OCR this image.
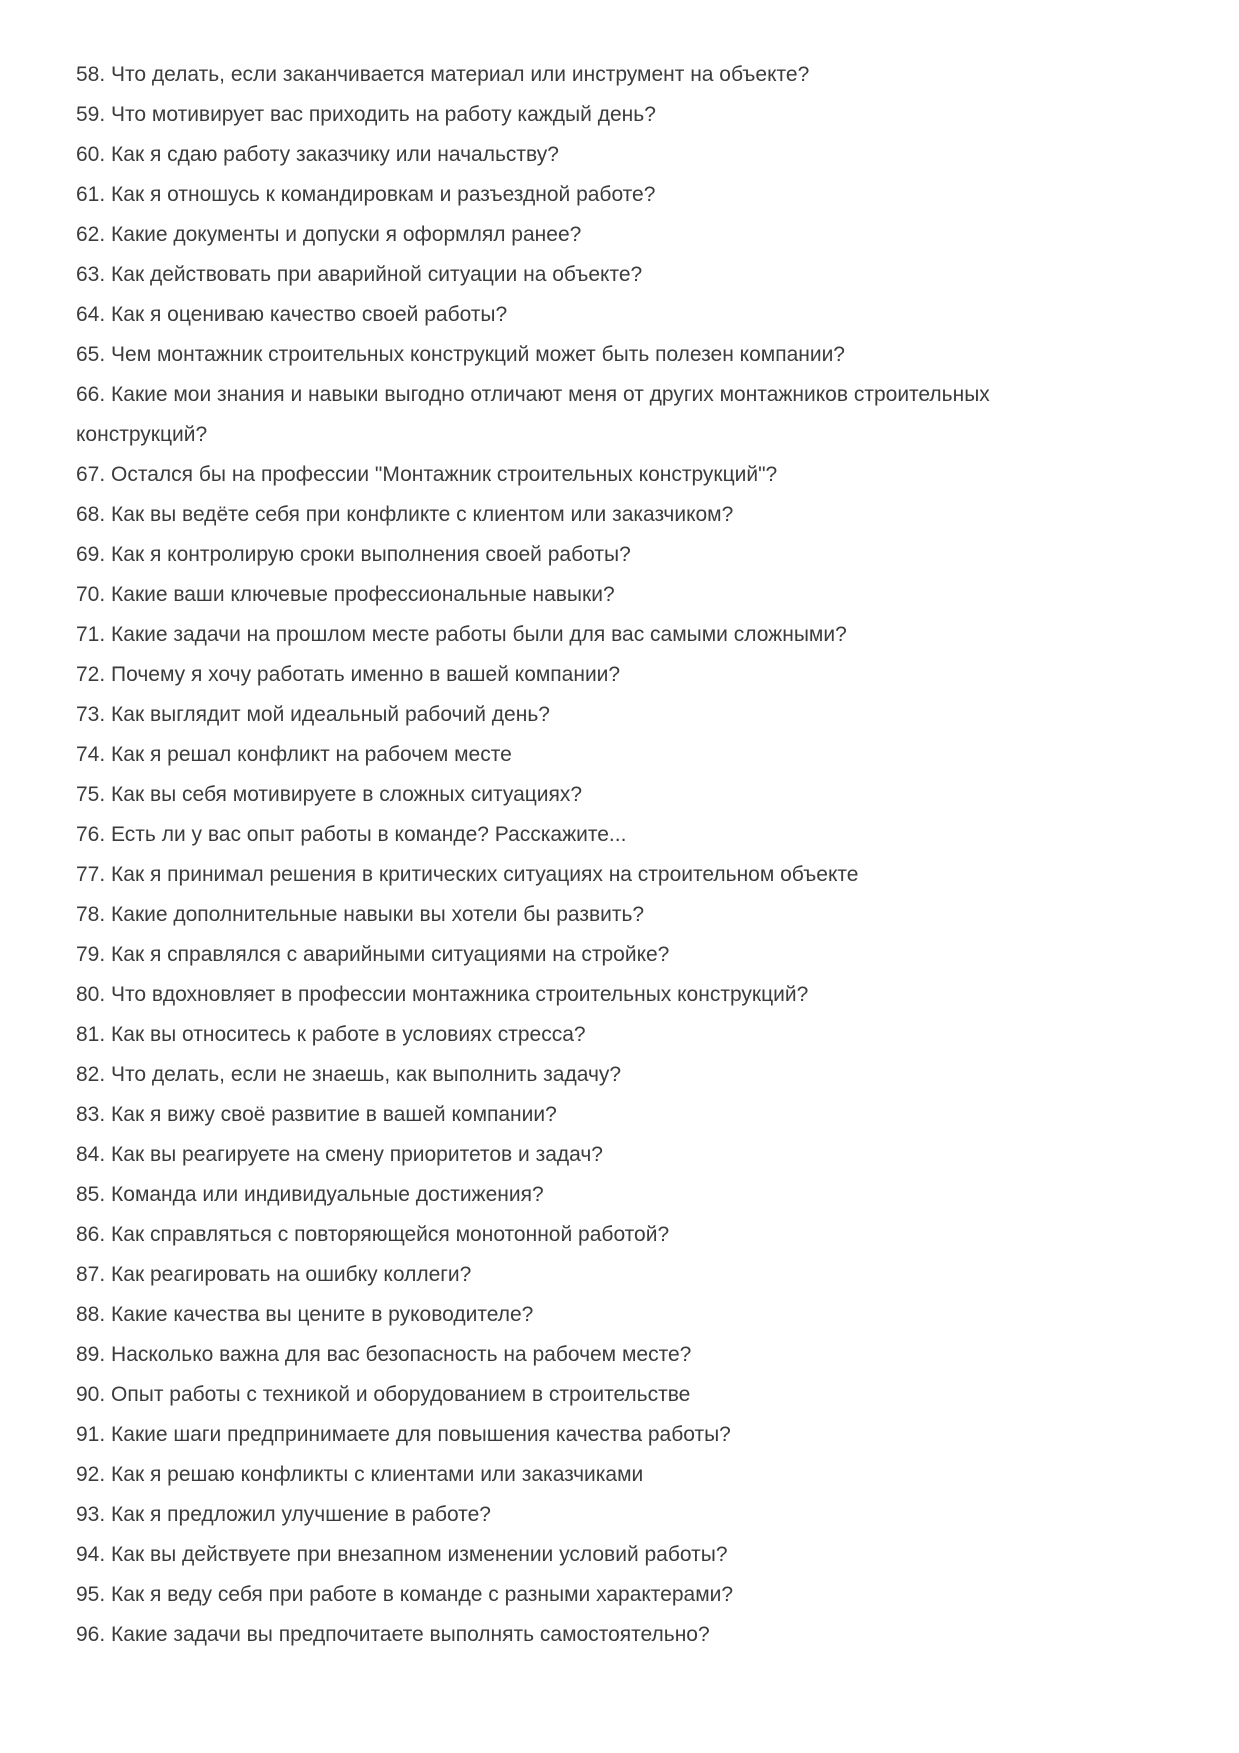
58. Что делать, если заканчивается материал или инструмент на объекте?

59. Что мотивирует вас приходить на работу каждый день?

60. Как я сдаю работу заказчику или начальству?

61. Как я отношусь к командировкам и разъездной работе?

62. Какие документы и допуски я оформлял ранее?

63. Как действовать при аварийной ситуации на объекте?

64. Как я оцениваю качество своей работы?

65. Чем монтажник строительных конструкций может быть полезен компании?

66. Какие мои знания и навыки выгодно отличают меня от других монтажников строительных конструкций?

67. Остался бы на профессии "Монтажник строительных конструкций"?

68. Как вы ведёте себя при конфликте с клиентом или заказчиком?

69. Как я контролирую сроки выполнения своей работы?

70. Какие ваши ключевые профессиональные навыки?

71. Какие задачи на прошлом месте работы были для вас самыми сложными?

72. Почему я хочу работать именно в вашей компании?

73. Как выглядит мой идеальный рабочий день?

74. Как я решал конфликт на рабочем месте

75. Как вы себя мотивируете в сложных ситуациях?

76. Есть ли у вас опыт работы в команде? Расскажите...

77. Как я принимал решения в критических ситуациях на строительном объекте

78. Какие дополнительные навыки вы хотели бы развить?

79. Как я справлялся с аварийными ситуациями на стройке?

80. Что вдохновляет в профессии монтажника строительных конструкций?

81. Как вы относитесь к работе в условиях стресса?

82. Что делать, если не знаешь, как выполнить задачу?

83. Как я вижу своё развитие в вашей компании?

84. Как вы реагируете на смену приоритетов и задач?

85. Команда или индивидуальные достижения?

86. Как справляться с повторяющейся монотонной работой?

87. Как реагировать на ошибку коллеги?

88. Какие качества вы цените в руководителе?

89. Насколько важна для вас безопасность на рабочем месте?

90. Опыт работы с техникой и оборудованием в строительстве

91. Какие шаги предпринимаете для повышения качества работы?

92. Как я решаю конфликты с клиентами или заказчиками

93. Как я предложил улучшение в работе?

94. Как вы действуете при внезапном изменении условий работы?

95. Как я веду себя при работе в команде с разными характерами?

96. Какие задачи вы предпочитаете выполнять самостоятельно?
